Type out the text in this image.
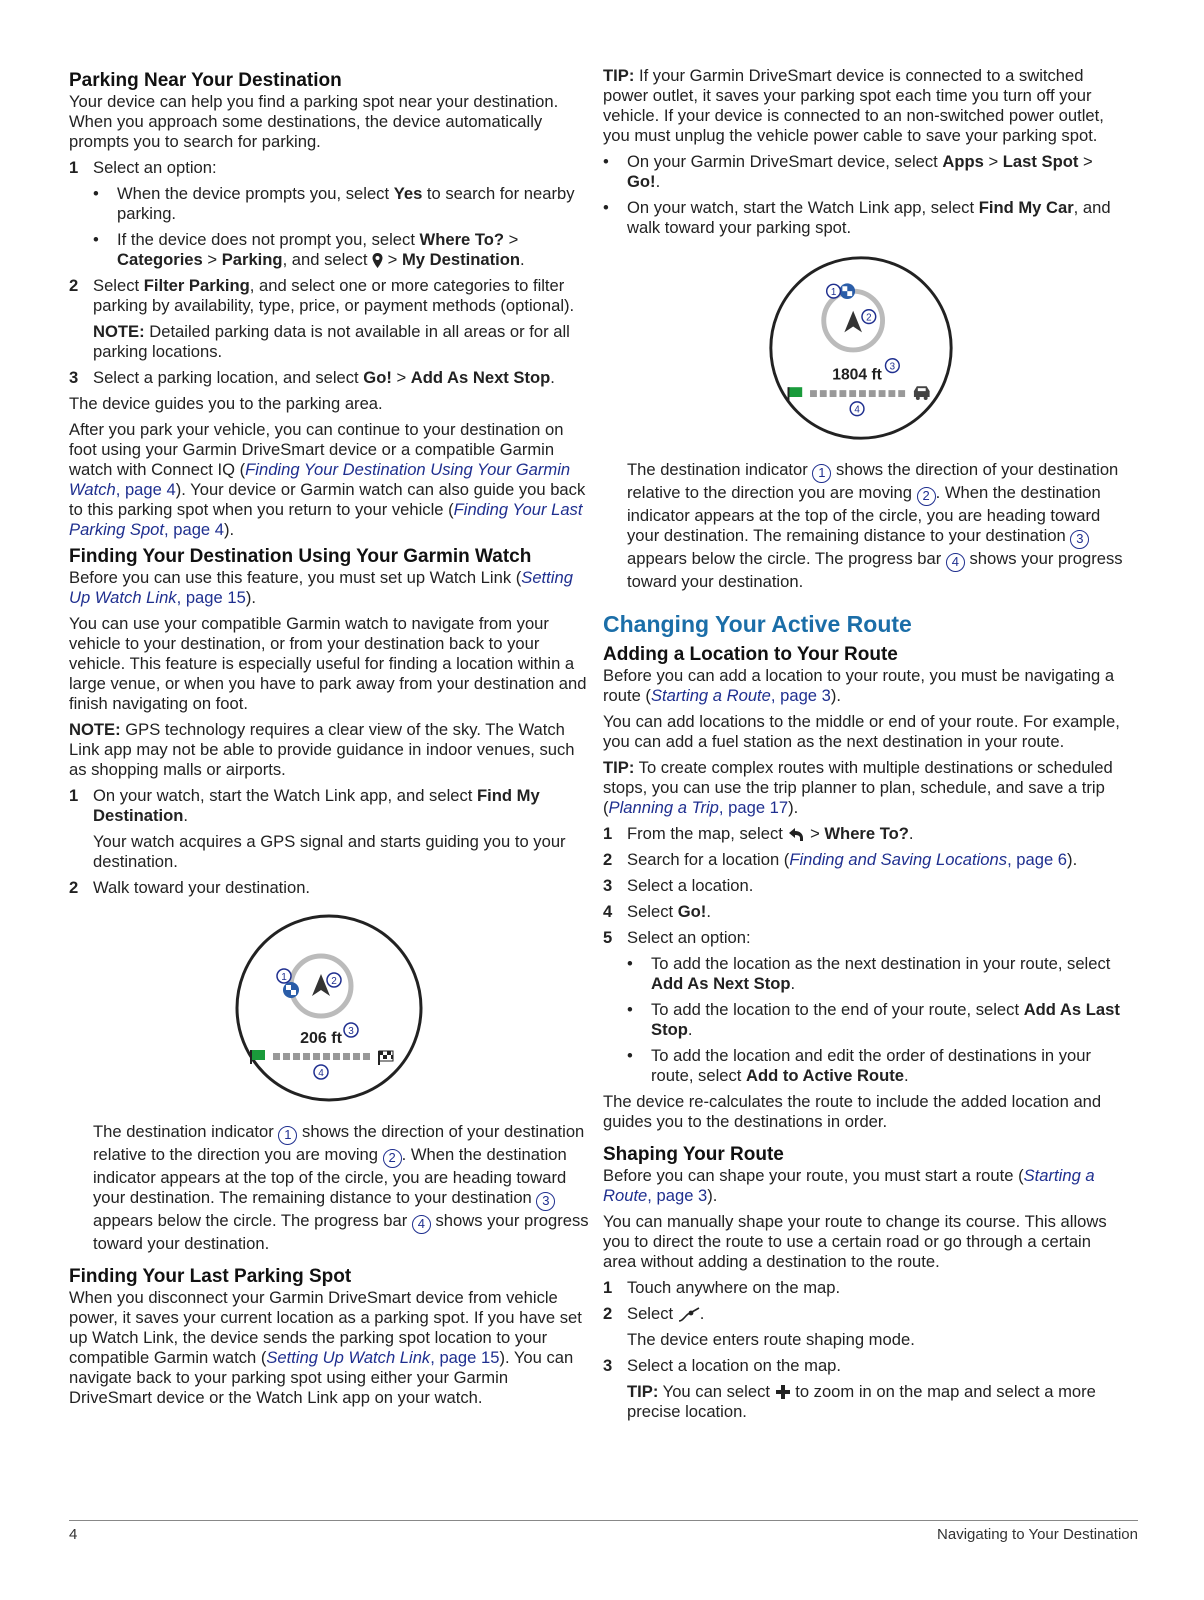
Parking Near Your Destination
Your device can help you find a parking spot near your destination. When you approach some destinations, the device automatically prompts you to search for parking.
1 Select an option:
• When the device prompts you, select Yes to search for nearby parking.
• If the device does not prompt you, select Where To? > Categories > Parking, and select  > My Destination.
2 Select Filter Parking, and select one or more categories to filter parking by availability, type, price, or payment methods (optional).
NOTE: Detailed parking data is not available in all areas or for all parking locations.
3 Select a parking location, and select Go! > Add As Next Stop.
The device guides you to the parking area.
After you park your vehicle, you can continue to your destination on foot using your Garmin DriveSmart device or a compatible Garmin watch with Connect IQ (Finding Your Destination Using Your Garmin Watch, page 4). Your device or Garmin watch can also guide you back to this parking spot when you return to your vehicle (Finding Your Last Parking Spot, page 4).
Finding Your Destination Using Your Garmin Watch
Before you can use this feature, you must set up Watch Link (Setting Up Watch Link, page 15).
You can use your compatible Garmin watch to navigate from your vehicle to your destination, or from your destination back to your vehicle. This feature is especially useful for finding a location within a large venue, or when you have to park away from your destination and finish navigating on foot.
NOTE: GPS technology requires a clear view of the sky. The Watch Link app may not be able to provide guidance in indoor venues, such as shopping malls or airports.
1 On your watch, start the Watch Link app, and select Find My Destination.
Your watch acquires a GPS signal and starts guiding you to your destination.
2 Walk toward your destination.
1	2
206 ft 3
4
The destination indicator 1 shows the direction of your destination relative to the direction you are moving 2 . When the destination indicator appears at the top of the circle, you are heading toward your destination. The remaining distance to your destination 3 appears below the circle. The progress bar 4 shows your progress toward your destination.
Finding Your Last Parking Spot
When you disconnect your Garmin DriveSmart device from vehicle power, it saves your current location as a parking spot. If you have set up Watch Link, the device sends the parking spot location to your compatible Garmin watch (Setting Up Watch Link, page 15). You can navigate back to your parking spot using either your Garmin DriveSmart device or the Watch Link app on your watch.
TIP: If your Garmin DriveSmart device is connected to a switched power outlet, it saves your parking spot each time you turn off your vehicle. If your device is connected to an non-switched power outlet, you must unplug the vehicle power cable to save your parking spot.
• On your Garmin DriveSmart device, select Apps > Last Spot > Go!.
• On your watch, start the Watch Link app, select Find My Car, and walk toward your parking spot.
1
2
1804 ft 3
4
The destination indicator 1 shows the direction of your destination relative to the direction you are moving 2 . When the destination indicator appears at the top of the circle, you are heading toward your destination. The remaining distance to your destination 3 appears below the circle. The progress bar 4 shows your progress toward your destination.
Changing Your Active Route
Adding a Location to Your Route
Before you can add a location to your route, you must be navigating a route (Starting a Route, page 3).
You can add locations to the middle or end of your route. For example, you can add a fuel station as the next destination in your route.
TIP: To create complex routes with multiple destinations or scheduled stops, you can use the trip planner to plan, schedule, and save a trip (Planning a Trip, page 17).
1 From the map, select  > Where To?.
2 Search for a location (Finding and Saving Locations, page 6).
3 Select a location.
4 Select Go!.
5 Select an option:
• To add the location as the next destination in your route, select Add As Next Stop.
• To add the location to the end of your route, select Add As Last Stop.
• To add the location and edit the order of destinations in your route, select Add to Active Route.
The device re-calculates the route to include the added location and guides you to the destinations in order.
Shaping Your Route
Before you can shape your route, you must start a route (Starting a Route, page 3).
You can manually shape your route to change its course. This allows you to direct the route to use a certain road or go through a certain area without adding a destination to the route.
1 Touch anywhere on the map.
2 Select .
The device enters route shaping mode.
3 Select a location on the map.
TIP: You can select  to zoom in on the map and select a more precise location.
4	Navigating to Your Destination
